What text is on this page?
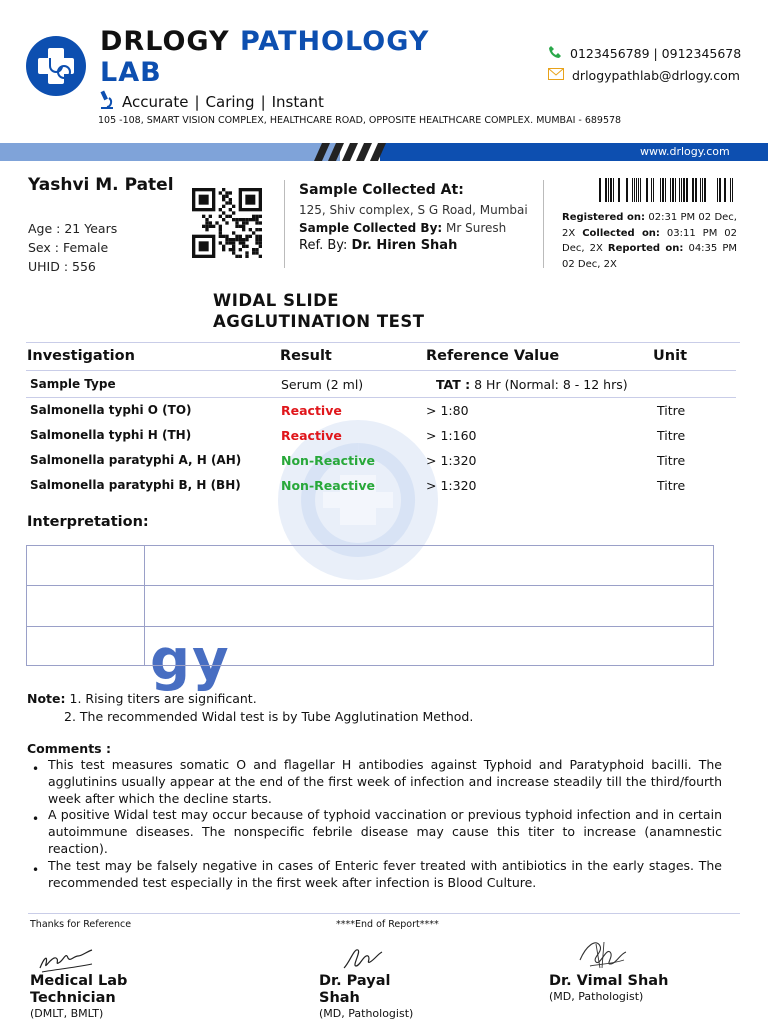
gy
DRLOGY PATHOLOGY
LAB
Accurate | Caring | Instant
105 -108, SMART VISION COMPLEX, HEALTHCARE ROAD, OPPOSITE HEALTHCARE COMPLEX. MUMBAI - 689578
0123456789 | 0912345678
drlogypathlab@drlogy.com
www.drlogy.com
Yashvi M. Patel
Age : 21 Years
Sex : Female
UHID : 556
Sample Collected At:
125, Shiv complex, S G Road, Mumbai
Sample Collected By: Mr Suresh
Ref. By: Dr. Hiren Shah
Registered on: 02:31 PM 02 Dec, 2X Collected on: 03:11 PM 02 Dec, 2X Reported on: 04:35 PM 02 Dec, 2X
WIDAL SLIDE
AGGLUTINATION TEST
Investigation	Result	Reference Value	Unit
Sample Type	Serum (2 ml)	TAT : 8 Hr (Normal: 8 - 12 hrs)
Salmonella typhi O (TO)	Reactive	> 1:80	Titre
Salmonella typhi H (TH)	Reactive	> 1:160	Titre
Salmonella paratyphi A, H (AH)	Non-Reactive	> 1:320	Titre
Salmonella paratyphi B, H (BH)	Non-Reactive	> 1:320	Titre
Interpretation:
Note: 1. Rising titers are significant.
2. The recommended Widal test is by Tube Agglutination Method.
Comments :
• This test measures somatic O and flagellar H antibodies against Typhoid and Paratyphoid bacilli. The agglutinins usually appear at the end of the first week of infection and increase steadily till the third/fourth week after which the decline starts.
• A positive Widal test may occur because of typhoid vaccination or previous typhoid infection and in certain autoimmune diseases. The nonspecific febrile disease may cause this titer to increase (anamnestic reaction).
• The test may be falsely negative in cases of Enteric fever treated with antibiotics in the early stages. The recommended test especially in the first week after infection is Blood Culture.
Thanks for Reference	****End of Report****
Medical Lab Technician
(DMLT, BMLT)
Dr. Payal Shah
(MD, Pathologist)
Dr. Vimal Shah
(MD, Pathologist)
